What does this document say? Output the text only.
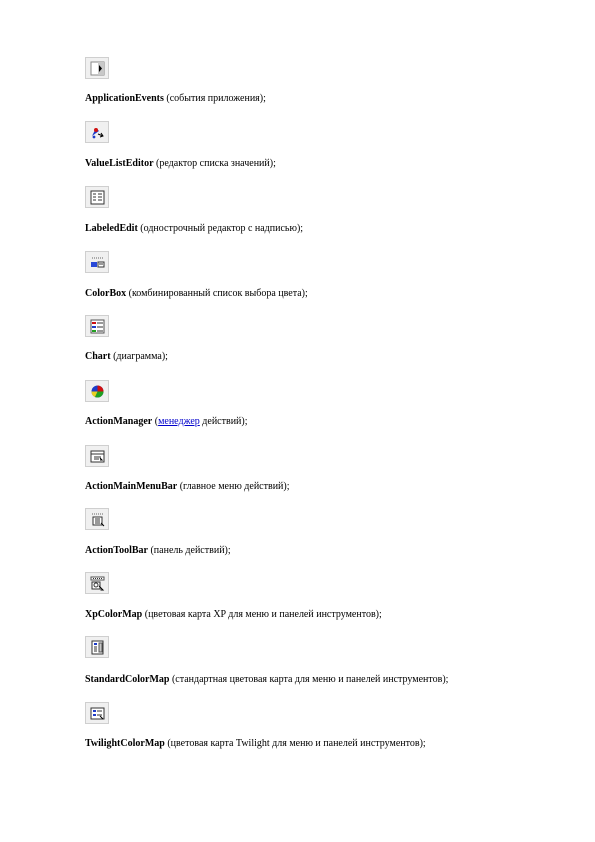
ApplicationEvents (события приложения);
ValueListEditor (редактор списка значений);
LabeledEdit (однострочный редактор с надписью);
ColorBox (комбинированный список выбора цвета);
Chart (диаграмма);
ActionManager (менеджер действий);
ActionMainMenuBar (главное меню действий);
ActionToolBar (панель действий);
XpColorMap (цветовая карта XP для меню и панелей инструментов);
StandardColorMap (стандартная цветовая карта для меню и панелей инструментов);
TwilightColorMap (цветовая карта Twilight для меню и панелей инструментов);
